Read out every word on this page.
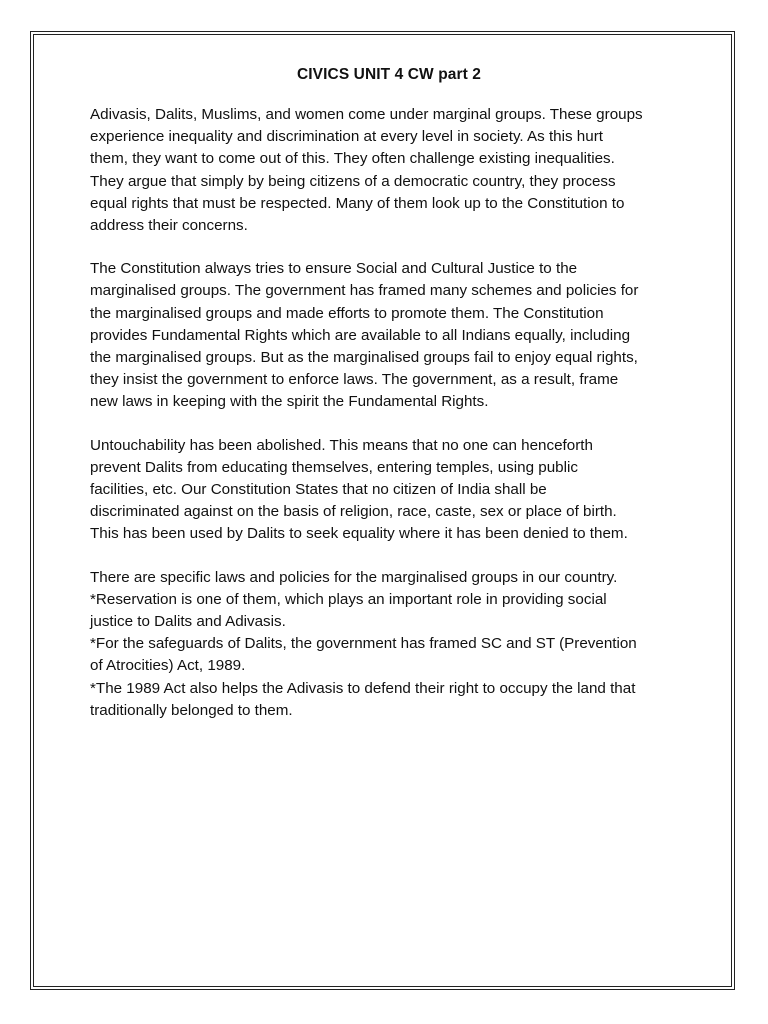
CIVICS UNIT 4 CW part 2

Adivasis, Dalits, Muslims, and women come under marginal groups. These groups
experience inequality and discrimination at every level in society. As this hurt
them, they want to come out of this. They often challenge existing inequalities.
They argue that simply by being citizens of a democratic country, they process
equal rights that must be respected. Many of them look up to the Constitution to
address their concerns.

The Constitution always tries to ensure Social and Cultural Justice to the
marginalised groups. The government has framed many schemes and policies for
the marginalised groups and made efforts to promote them. The Constitution
provides Fundamental Rights which are available to all Indians equally, including
the marginalised groups. But as the marginalised groups fail to enjoy equal rights,
they insist the government to enforce laws. The government, as a result, frame
new laws in keeping with the spirit the Fundamental Rights.

Untouchability has been abolished. This means that no one can henceforth
prevent Dalits from educating themselves, entering temples, using public
facilities, etc. Our Constitution States that no citizen of India shall be
discriminated against on the basis of religion, race, caste, sex or place of birth.
This has been used by Dalits to seek equality where it has been denied to them.

There are specific laws and policies for the marginalised groups in our country.
*Reservation is one of them, which plays an important role in providing social
justice to Dalits and Adivasis.
*For the safeguards of Dalits, the government has framed SC and ST (Prevention
of Atrocities) Act, 1989.
*The 1989 Act also helps the Adivasis to defend their right to occupy the land that
traditionally belonged to them.
